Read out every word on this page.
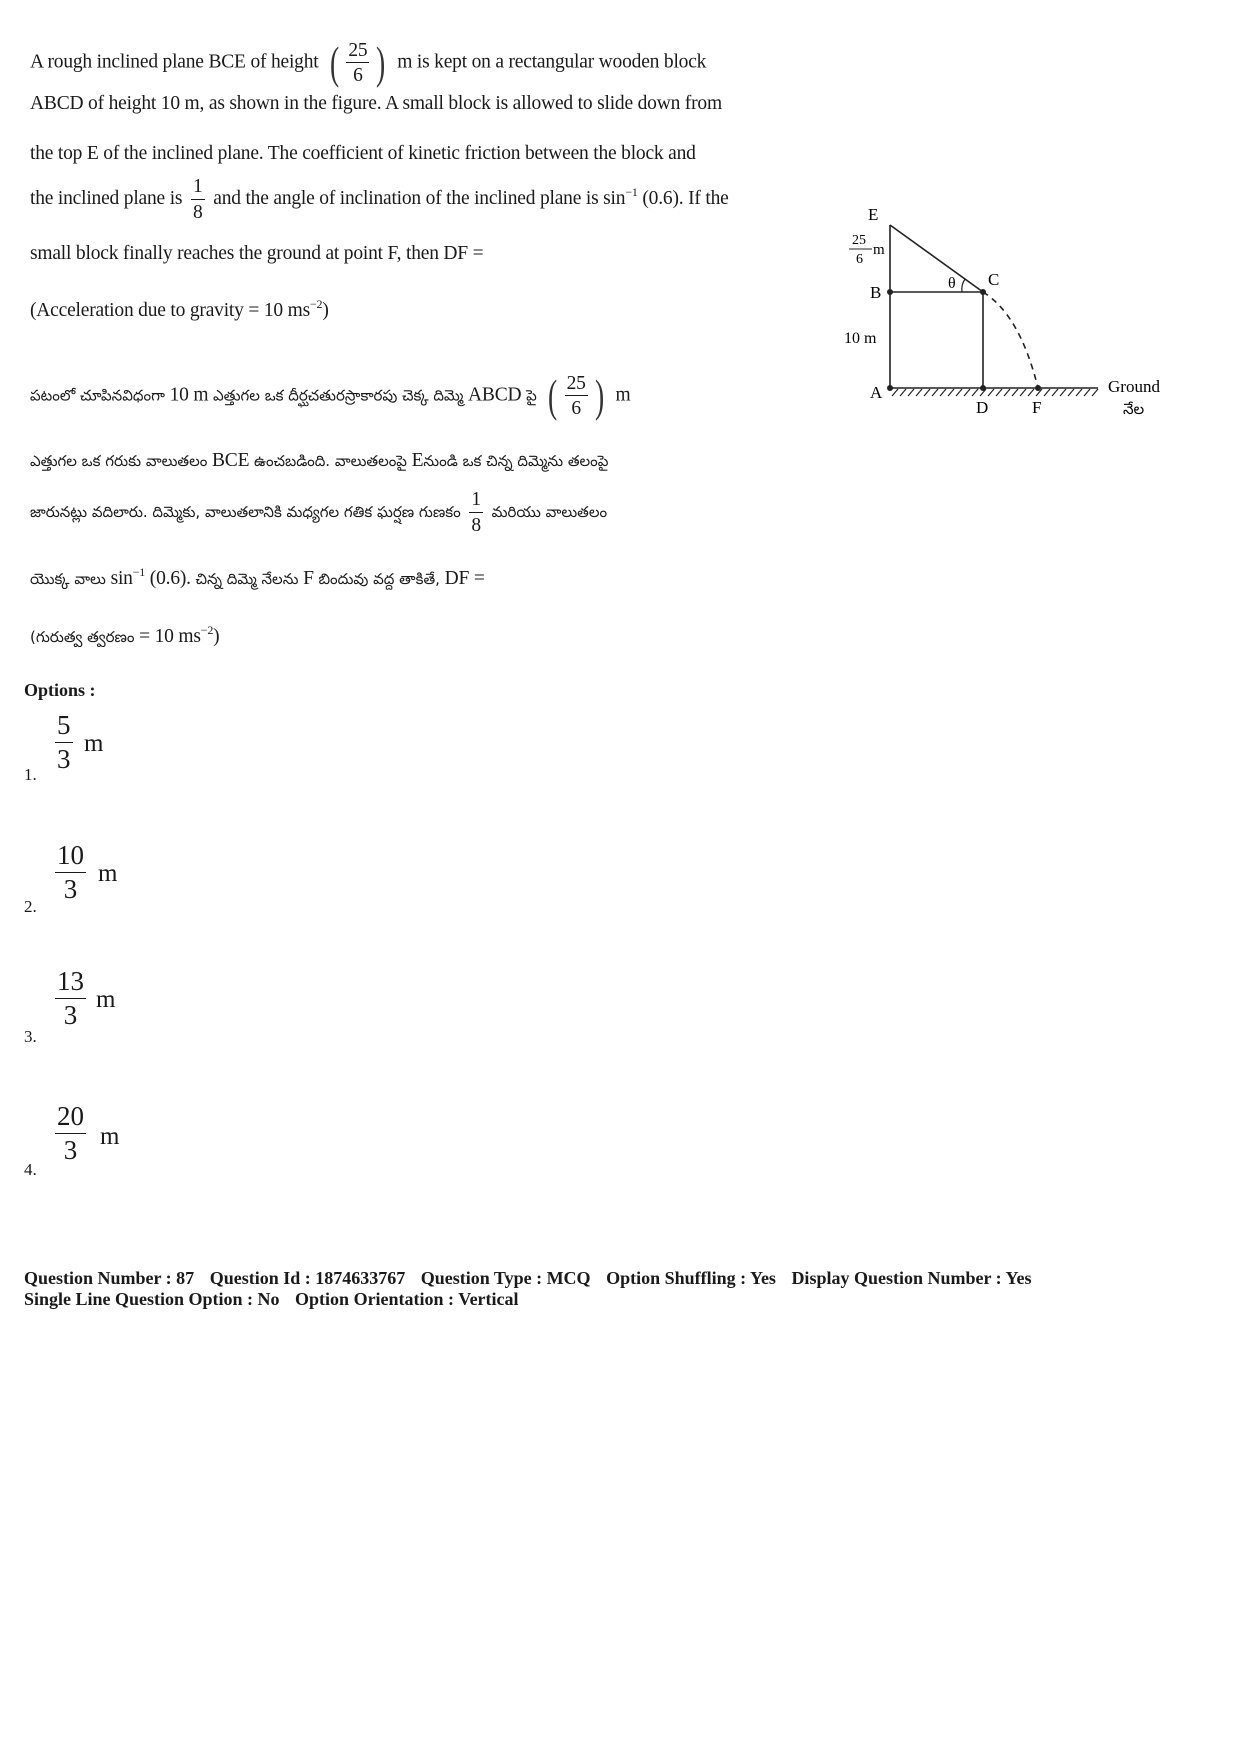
A rough inclined plane BCE of height ( $\frac{25}{6}$ ) m is kept on a rectangular wooden block
ABCD of height 10 m, as shown in the figure. A small block is allowed to slide down from
the top E of the inclined plane. The coefficient of kinetic friction between the block and
the inclined plane is $\frac{1}{8}$ and the angle of inclination of the inclined plane is $\sin^{-1} (0.6)$. If the
small block finally reaches the ground at point F, then DF =
(Acceleration due to gravity = 10 $ms^{-2}$)
E
25
6
m
θ C
B
10 m
A
D	F
Ground
నేల
పటంలో చూపినవిధంగా 10 m ఎత్తుగల ఒక దీర్ఘచతురస్రాకారపు చెక్క దిమ్మె ABCD పై ( $\frac{25}{6}$ ) m
ఎత్తుగల ఒక గరుకు వాలుతలం BCE ఉంచబడింది. వాలుతలంపై Eనుండి ఒక చిన్న దిమ్మెను తలంపై
జారునట్లు వదిలారు. దిమ్మెకు, వాలుతలానికి మధ్యగల గతిక ఘర్షణ గుణకం $\frac{1}{8}$ మరియు వాలుతలం
యొక్క వాలు $\sin^{-1} (0.6)$. చిన్న దిమ్మె నేలను F బిందువు వద్ద తాకితే, DF =
(గురుత్వ త్వరణం = 10 $ms^{-2}$)
Options :
1.
$\frac{5}{3}$ m
2.
$\frac{10}{3}$ m
3.
$\frac{13}{3}$ m
4.
$\frac{20}{3}$ m
Question Number : 87 Question Id : 1874633767 Question Type : MCQ Option Shuffling : Yes Display Question Number : Yes
Single Line Question Option : No Option Orientation : Vertical
